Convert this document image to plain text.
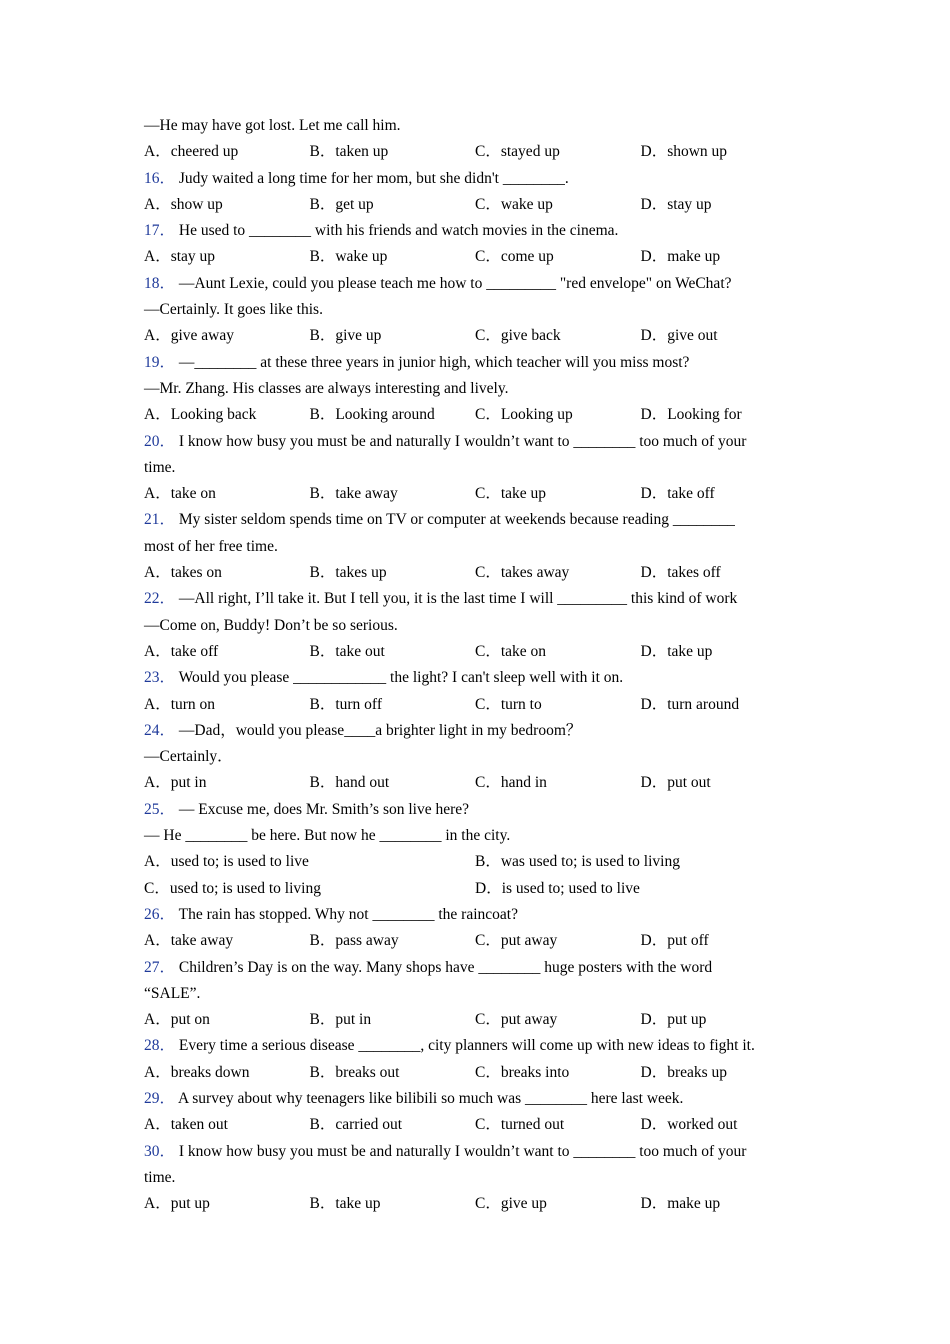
—He may have got lost. Let me call him.
A．cheered up	B．taken up	C．stayed up	D．shown up
16． Judy waited a long time for her mom, but she didn't ________.
A．show up	B．get up	C．wake up	D．stay up
17． He used to ________ with his friends and watch movies in the cinema.
A．stay up	B．wake up	C．come up	D．make up
18． —Aunt Lexie, could you please teach me how to _________ "red envelope" on WeChat?
—Certainly. It goes like this.
A．give away	B．give up	C．give back	D．give out
19． —________ at these three years in junior high, which teacher will you miss most?
—Mr. Zhang. His classes are always interesting and lively.
A．Looking back	B．Looking around	C．Looking up	D．Looking for
20． I know how busy you must be and naturally I wouldn’t want to ________ too much of your
time.
A．take on	B．take away	C．take up	D．take off
21． My sister seldom spends time on TV or computer at weekends because reading ________
most of her free time.
A．takes on	B．takes up	C．takes away	D．takes off
22． —All right, I’ll take it. But I tell you, it is the last time I will _________ this kind of work
—Come on, Buddy! Don’t be so serious.
A．take off	B．take out	C．take on	D．take up
23． Would you please ____________ the light? I can't sleep well with it on.
A．turn on	B．turn off	C．turn to	D．turn around
24． —Dad，would you please____a brighter light in my bedroom？
—Certainly．
A．put in	B．hand out	C．hand in	D．put out
25． — Excuse me, does Mr. Smith’s son live here?
— He ________ be here. But now he ________ in the city.
A．used to; is used to live	B．was used to; is used to living
C．used to; is used to living	D．is used to; used to live
26． The rain has stopped. Why not ________ the raincoat?
A．take away	B．pass away	C．put away	D．put off
27． Children’s Day is on the way. Many shops have ________ huge posters with the word
“SALE”.
A．put on	B．put in	C．put away	D．put up
28． Every time a serious disease ________, city planners will come up with new ideas to fight it.
A．breaks down	B．breaks out	C．breaks into	D．breaks up
29． A survey about why teenagers like bilibili so much was ________ here last week.
A．taken out	B．carried out	C．turned out	D．worked out
30． I know how busy you must be and naturally I wouldn’t want to ________ too much of your
time.
A．put up	B．take up	C．give up	D．make up
